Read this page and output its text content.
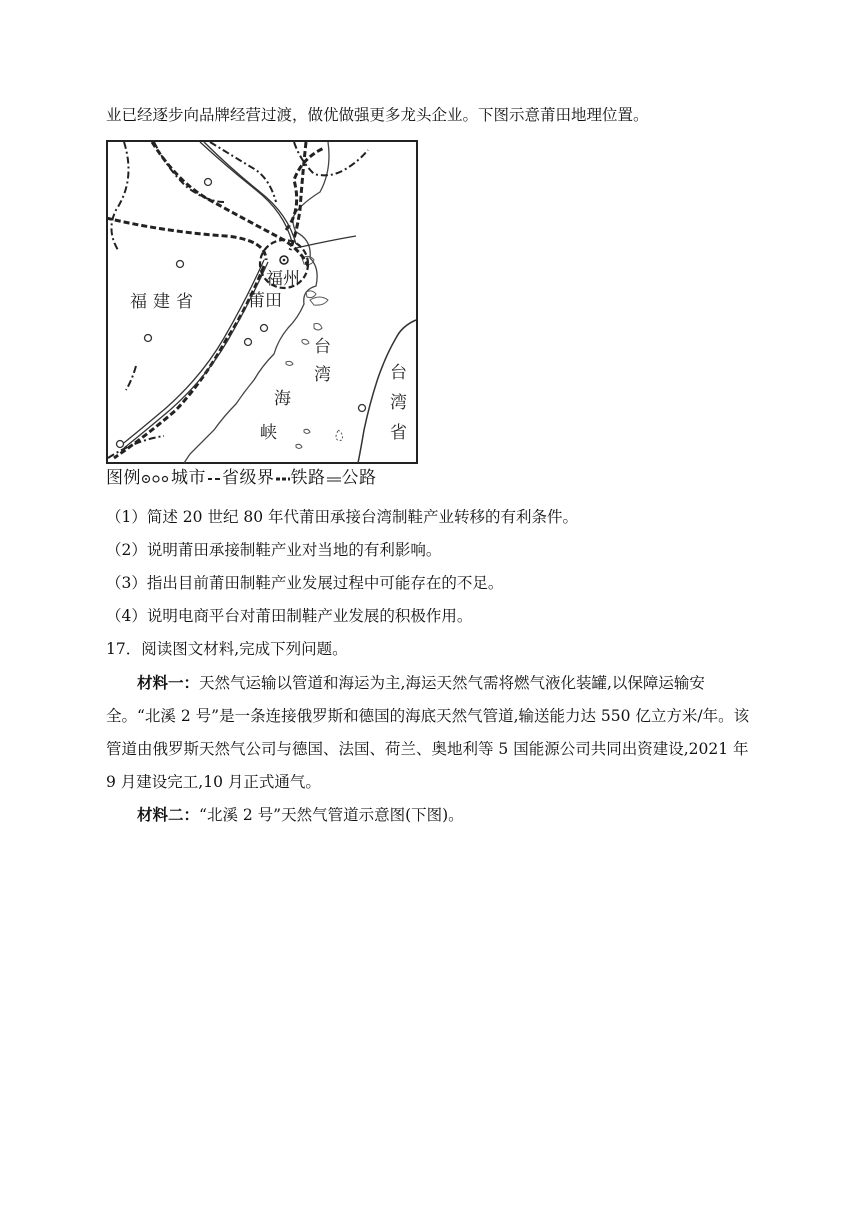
业已经逐步向品牌经营过渡，做优做强更多龙头企业。下图示意莆田地理位置。
福州
莆田
福建省
台
湾
海
峡
台
湾
省
图例 城市 省级界 铁路 公路
（1）简述 20 世纪 80 年代莆田承接台湾制鞋产业转移的有利条件。
（2）说明莆田承接制鞋产业对当地的有利影响。
（3）指出目前莆田制鞋产业发展过程中可能存在的不足。
（4）说明电商平台对莆田制鞋产业发展的积极作用。
17．阅读图文材料,完成下列问题。
材料一：天然气运输以管道和海运为主,海运天然气需将燃气液化装罐,以保障运输安全。“北溪 2 号”是一条连接俄罗斯和德国的海底天然气管道,输送能力达 550 亿立方米/年。该管道由俄罗斯天然气公司与德国、法国、荷兰、奥地利等 5 国能源公司共同出资建设,2021 年 9 月建设完工,10 月正式通气。
材料二：“北溪 2 号”天然气管道示意图(下图)。
